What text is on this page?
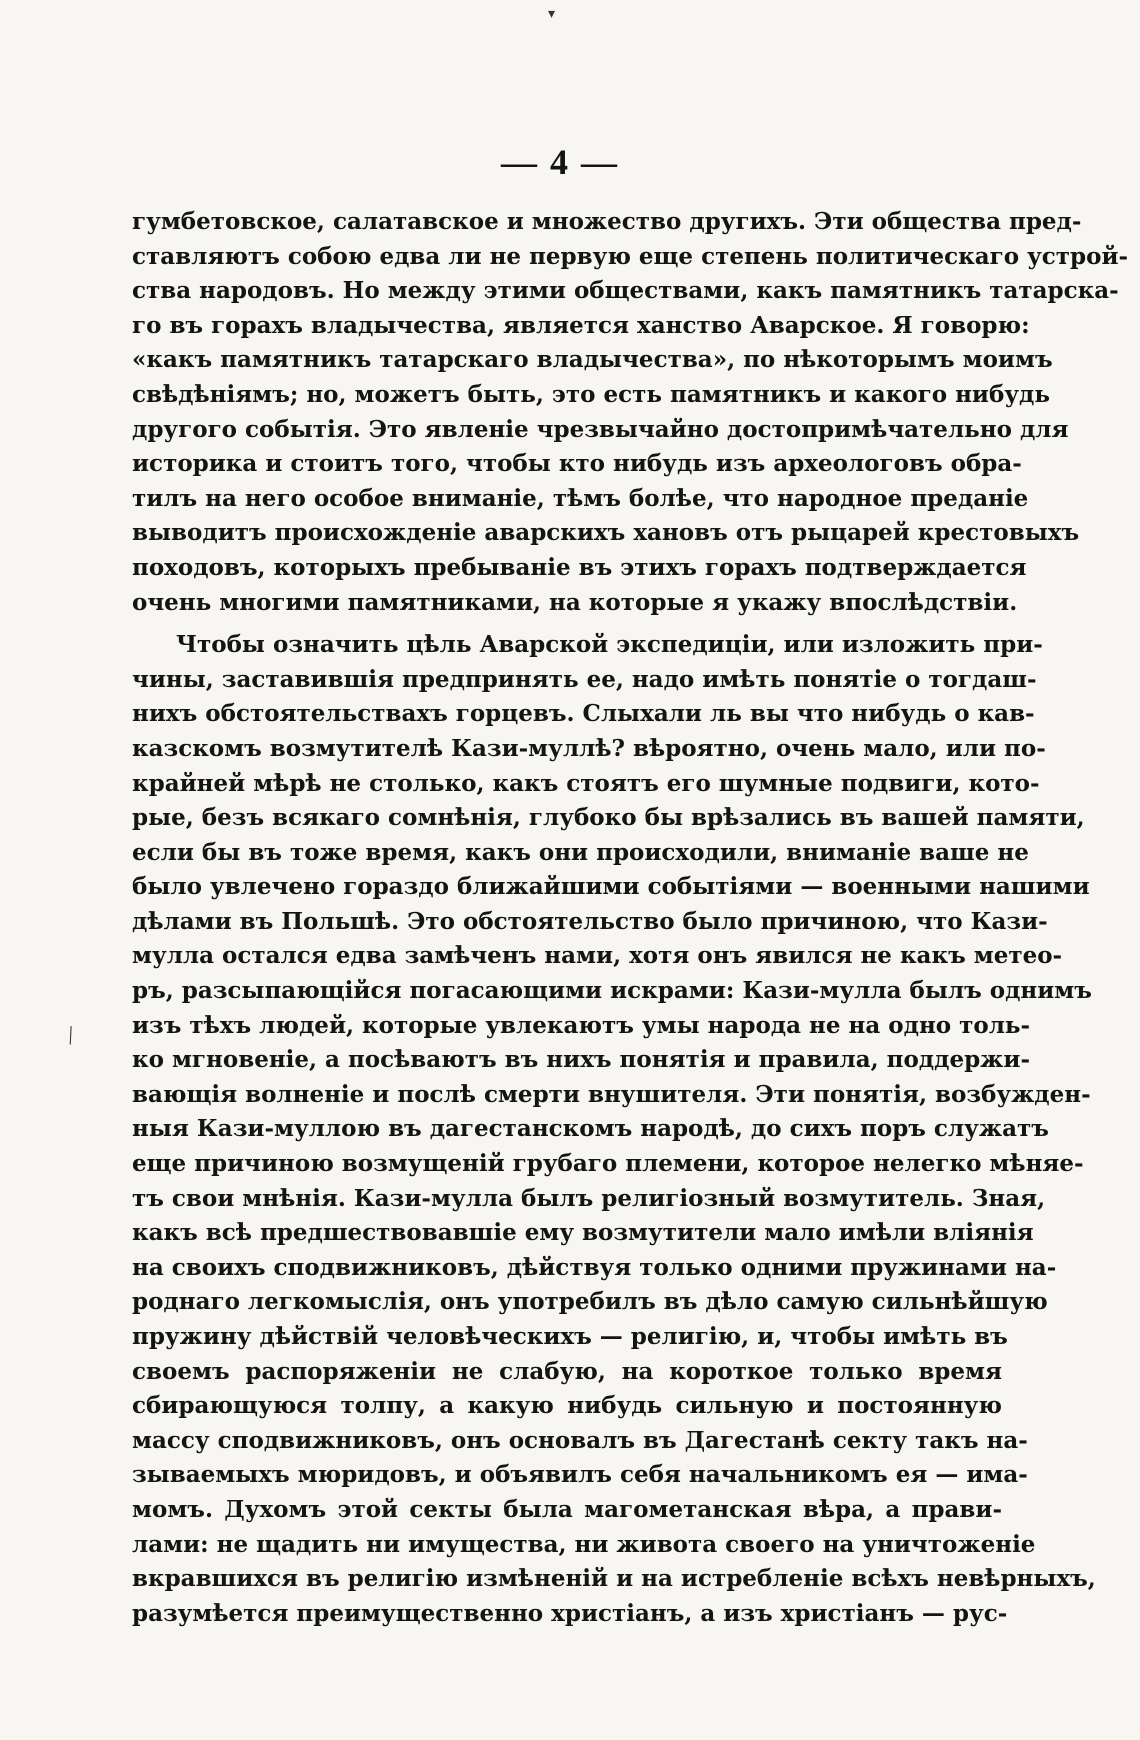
▾
╲
— 4 —
гумбетовское, салатавское и множество другихъ. Эти общества пред-
ставляютъ собою едва ли не первую еще степень политическаго устрой-
ства народовъ. Но между этими обществами, какъ памятникъ татарска-
го въ горахъ владычества, является ханство Аварское. Я говорю:
«какъ памятникъ татарскаго владычества», по нѣкоторымъ моимъ
свѣдѣніямъ; но, можетъ быть, это есть памятникъ и какого нибудь
другого событія. Это явленіе чрезвычайно достопримѣчательно для
историка и стоитъ того, чтобы кто нибудь изъ археологовъ обра-
тилъ на него особое вниманіе, тѣмъ болѣе, что народное преданіе
выводитъ происхожденіе аварскихъ хановъ отъ рыцарей крестовыхъ
походовъ, которыхъ пребываніе въ этихъ горахъ подтверждается
очень многими памятниками, на которые я укажу впослѣдствіи.
Чтобы означить цѣль Аварской экспедиціи, или изложить при-
чины, заставившія предпринять ее, надо имѣть понятіе о тогдаш-
нихъ обстоятельствахъ горцевъ. Слыхали ль вы что нибудь о кав-
казскомъ возмутителѣ Кази-муллѣ? вѣроятно, очень мало, или по-
крайней мѣрѣ не столько, какъ стоятъ его шумные подвиги, кото-
рые, безъ всякаго сомнѣнія, глубоко бы врѣзались въ вашей памяти,
если бы въ тоже время, какъ они происходили, вниманіе ваше не
было увлечено гораздо ближайшими событіями — военными нашими
дѣлами въ Польшѣ. Это обстоятельство было причиною, что Кази-
мулла остался едва замѣченъ нами, хотя онъ явился не какъ метео-
ръ, разсыпающійся погасающими искрами: Кази-мулла былъ однимъ
изъ тѣхъ людей, которые увлекаютъ умы народа не на одно толь-
ко мгновеніе, а посѣваютъ въ нихъ понятія и правила, поддержи-
вающія волненіе и послѣ смерти внушителя. Эти понятія, возбужден-
ныя Кази-муллою въ дагестанскомъ народѣ, до сихъ поръ служатъ
еще причиною возмущеній грубаго племени, которое нелегко мѣняе-
тъ свои мнѣнія. Кази-мулла былъ религіозный возмутитель. Зная,
какъ всѣ предшествовавшіе ему возмутители мало имѣли вліянія
на своихъ сподвижниковъ, дѣйствуя только одними пружинами на-
роднаго легкомыслія, онъ употребилъ въ дѣло самую сильнѣйшую
пружину дѣйствій человѣческихъ — религію, и, чтобы имѣть въ
своемъ распоряженіи не слабую, на короткое только время
сбирающуюся толпу, а какую нибудь сильную и постоянную
массу сподвижниковъ, онъ основалъ въ Дагестанѣ секту такъ на-
зываемыхъ мюридовъ, и объявилъ себя начальникомъ ея — има-
момъ. Духомъ этой секты была магометанская вѣра, а прави-
лами: не щадить ни имущества, ни живота своего на уничтоженіе
вкравшихся въ религію измѣненій и на истребленіе всѣхъ невѣрныхъ,
разумѣется преимущественно христіанъ, а изъ христіанъ — рус-
